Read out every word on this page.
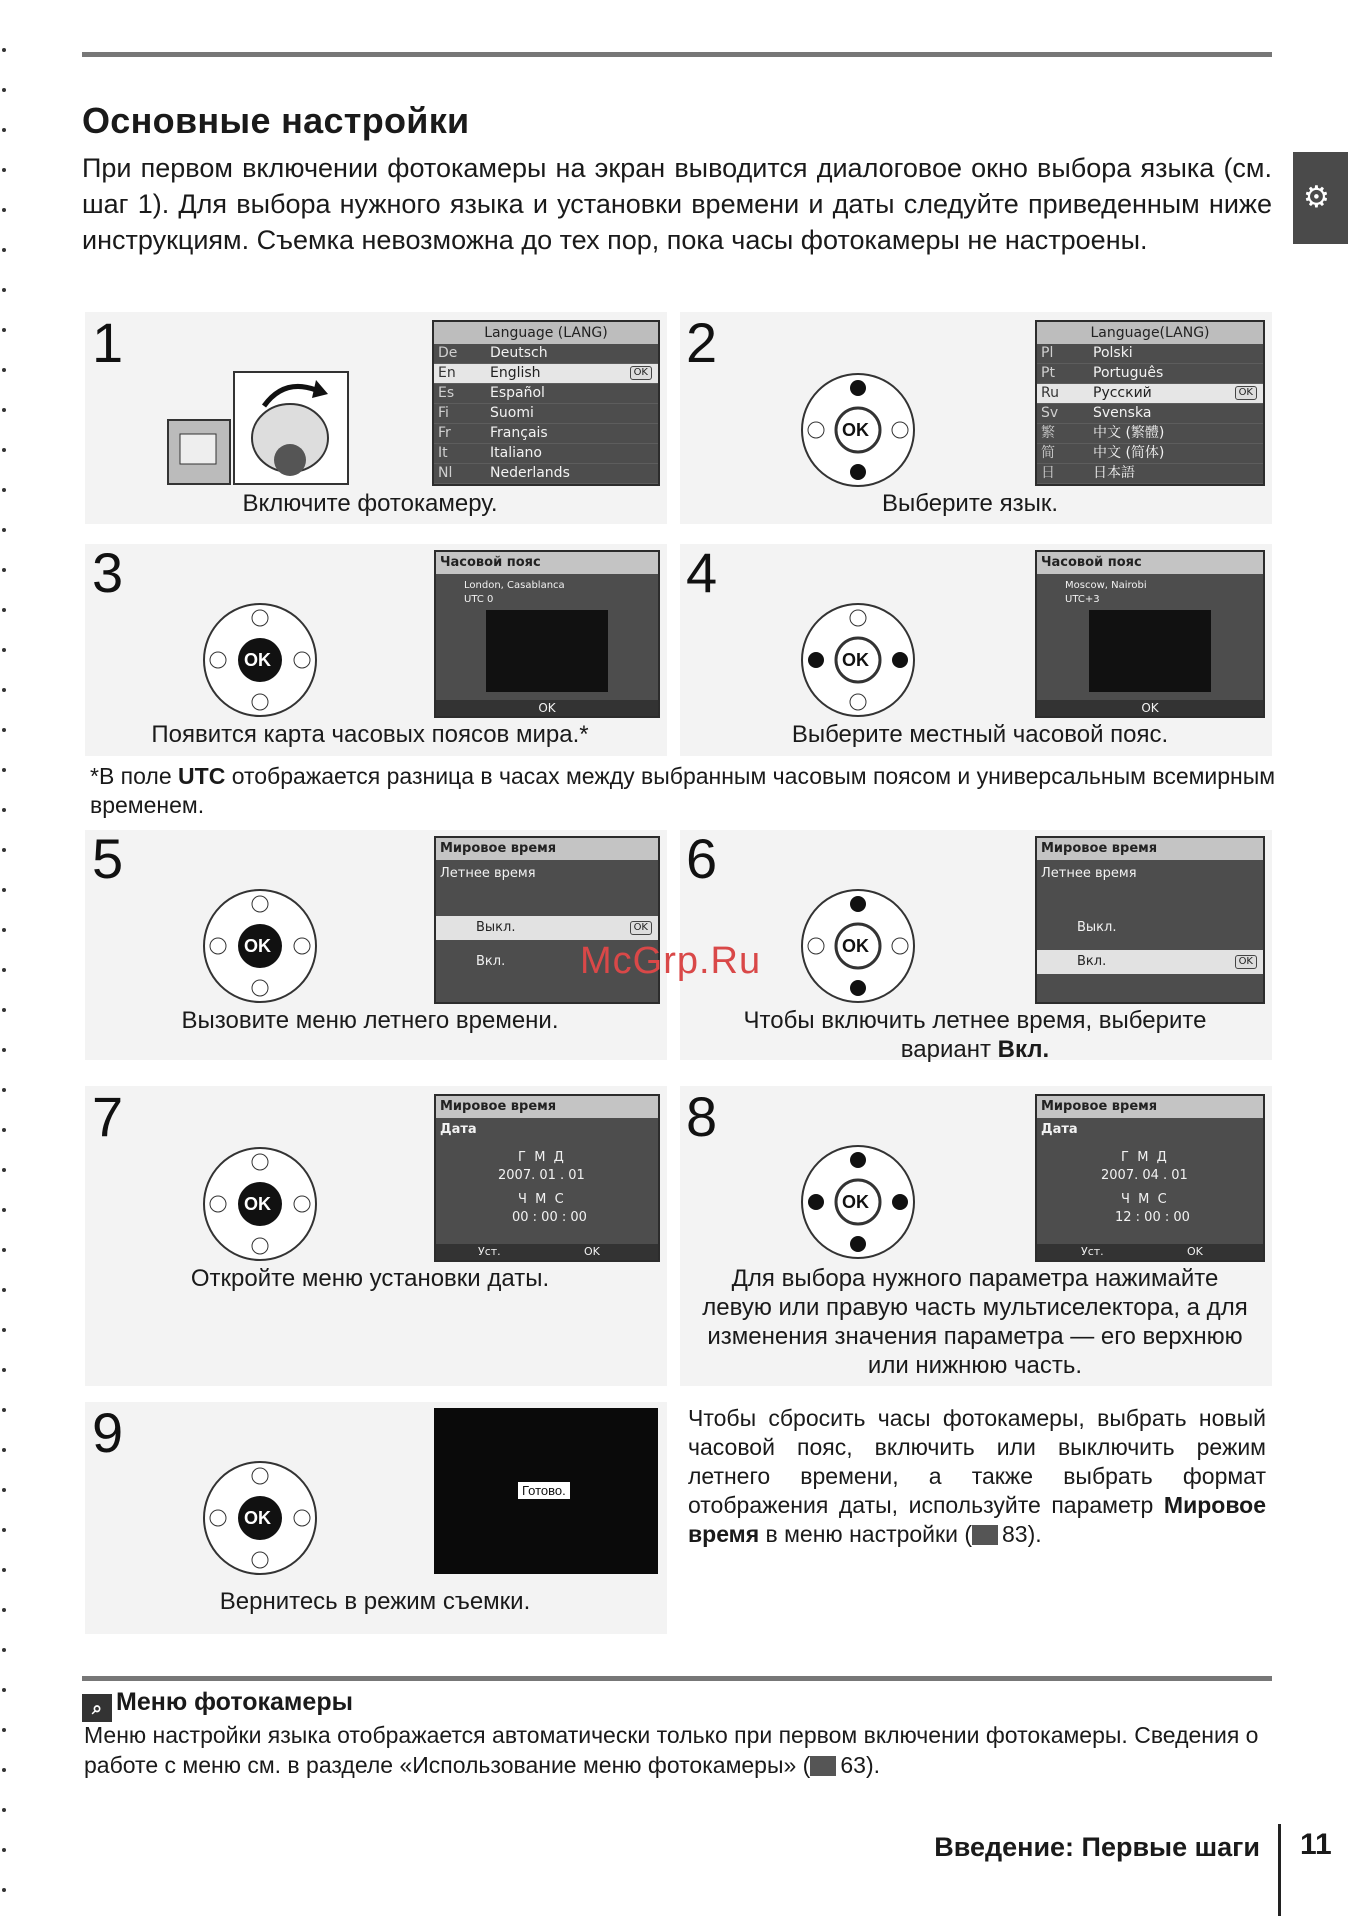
Основные настройки
При первом включении фотокамеры на экран выводится диалоговое окно выбора языка (см. шаг 1). Для выбора нужного языка и установки времени и даты следуйте приведенным ниже инструкциям. Съемка невозможна до тех пор, пока часы фотокамеры не настроены.
⚙
1	Language (LANG)
De	Deutsch
En	English	OK
Es	Español
Fi	Suomi
Fr	Français
It	Italiano
Nl	Nederlands
Включите фотокамеру.
2
OK
Language(LANG)
Pl	Polski
Pt	Português
Ru	Русский	OK
Sv	Svenska
繁	中文 (繁體)
简	中文 (简体)
日	日本語
Выберите язык.
3
OK
Часовой пояс
London, Casablanca
UTC 0
OK
Появится карта часовых поясов мира.*
4
OK
Часовой пояс
Moscow, Nairobi
UTC+3
OK
Выберите местный часовой пояс.
*В поле UTC отображается разница в часах между выбранным часовым поясом и универсальным всемирным временем.
5
OK
Мировое время
Летнее время
Выкл.	OK
Вкл.
Вызовите меню летнего времени.
6
OK
Мировое время
Летнее время
Выкл.
Вкл.	OK
Чтобы включить летнее время, выберите вариант Вкл.
7
OK
Мировое время
Дата
Г  М  Д
2007. 01 . 01
Ч  М  С
00 : 00 : 00
Уст.	OK
Откройте меню установки даты.
8
OK
Мировое время
Дата
Г  М  Д
2007. 04 . 01
Ч  М  С
12 : 00 : 00
Уст.	OK
Для выбора нужного параметра нажимайте левую или правую часть мультиселектора, а для изменения значения параметра — его верхнюю или нижнюю часть.
9
OK
Готово.
Вернитесь в режим съемки.
Чтобы сбросить часы фотокамеры, выбрать новый часовой пояс, включить или выключить режим летнего времени, а также выбрать формат отображения даты, используйте параметр Мировое время в меню настройки ( 83).
McGrp.Ru
⌕ Меню фотокамеры
Меню настройки языка отображается автоматически только при первом включении фотокамеры. Сведения о работе с меню см. в разделе «Использование меню фотокамеры» ( 63).
Введение: Первые шаги 11
